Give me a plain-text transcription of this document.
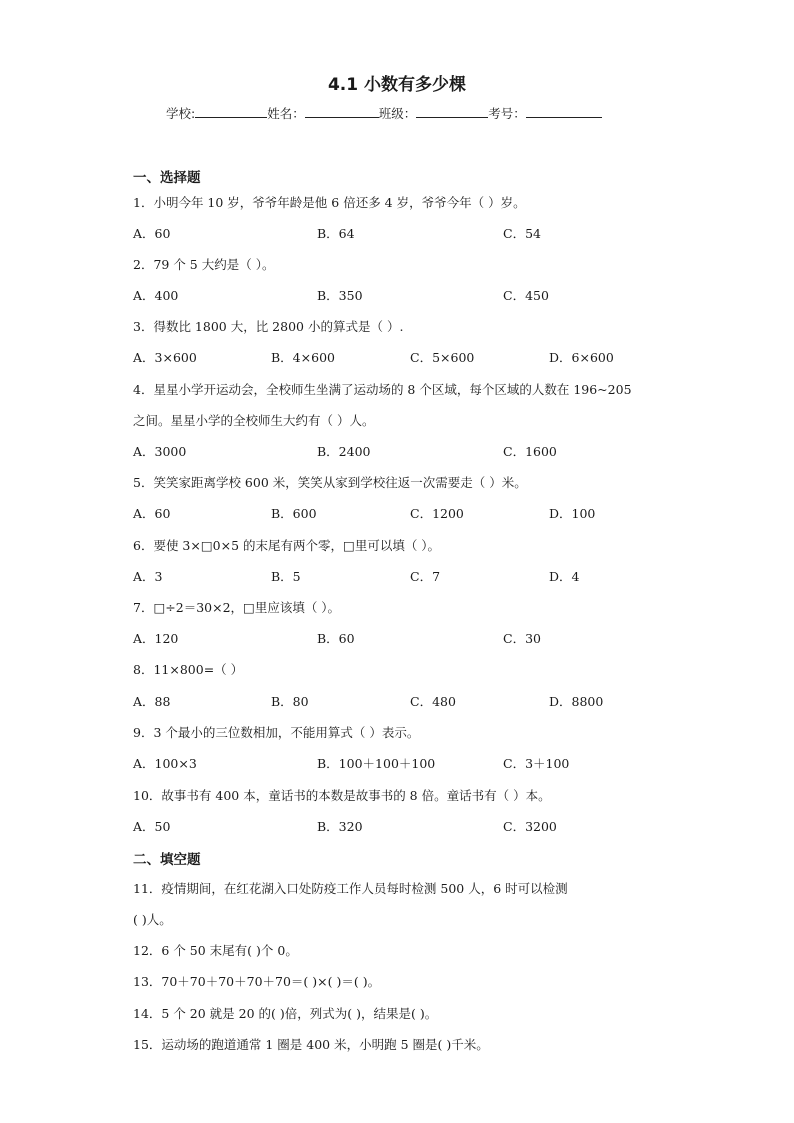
4.1 小数有多少棵
学校:	姓名：	班级：	考号：
一、选择题
1．小明今年 10 岁，爷爷年龄是他 6 倍还多 4 岁，爷爷今年（ ）岁。
A．60	B．64	C．54
2．79 个 5 大约是（ ）。
A．400	B．350	C．450
3．得数比 1800 大，比 2800 小的算式是（ ）.
A．3×600	B．4×600	C．5×600	D．6×600
4．星星小学开运动会，全校师生坐满了运动场的 8 个区域，每个区域的人数在 196~205
之间。星星小学的全校师生大约有（ ）人。
A．3000	B．2400	C．1600
5．笑笑家距离学校 600 米，笑笑从家到学校往返一次需要走（ ）米。
A．60	B．600	C．1200	D．100
6．要使 3×□0×5 的末尾有两个零，□里可以填（ ）。
A．3	B．5	C．7	D．4
7．□÷2＝30×2，□里应该填（ ）。
A．120	B．60	C．30
8．11×800=（ ）
A．88	B．80	C．480	D．8800
9．3 个最小的三位数相加，不能用算式（ ）表示。
A．100×3	B．100＋100＋100	C．3＋100
10．故事书有 400 本，童话书的本数是故事书的 8 倍。童话书有（ ）本。
A．50	B．320	C．3200
二、填空题
11．疫情期间，在红花湖入口处防疫工作人员每时检测 500 人，6 时可以检测
( )人。
12．6 个 50 末尾有( )个 0。
13．70＋70＋70＋70＋70＝( )×( )＝( )。
14．5 个 20 就是 20 的( )倍，列式为( )，结果是( )。
15．运动场的跑道通常 1 圈是 400 米，小明跑 5 圈是( )千米。
